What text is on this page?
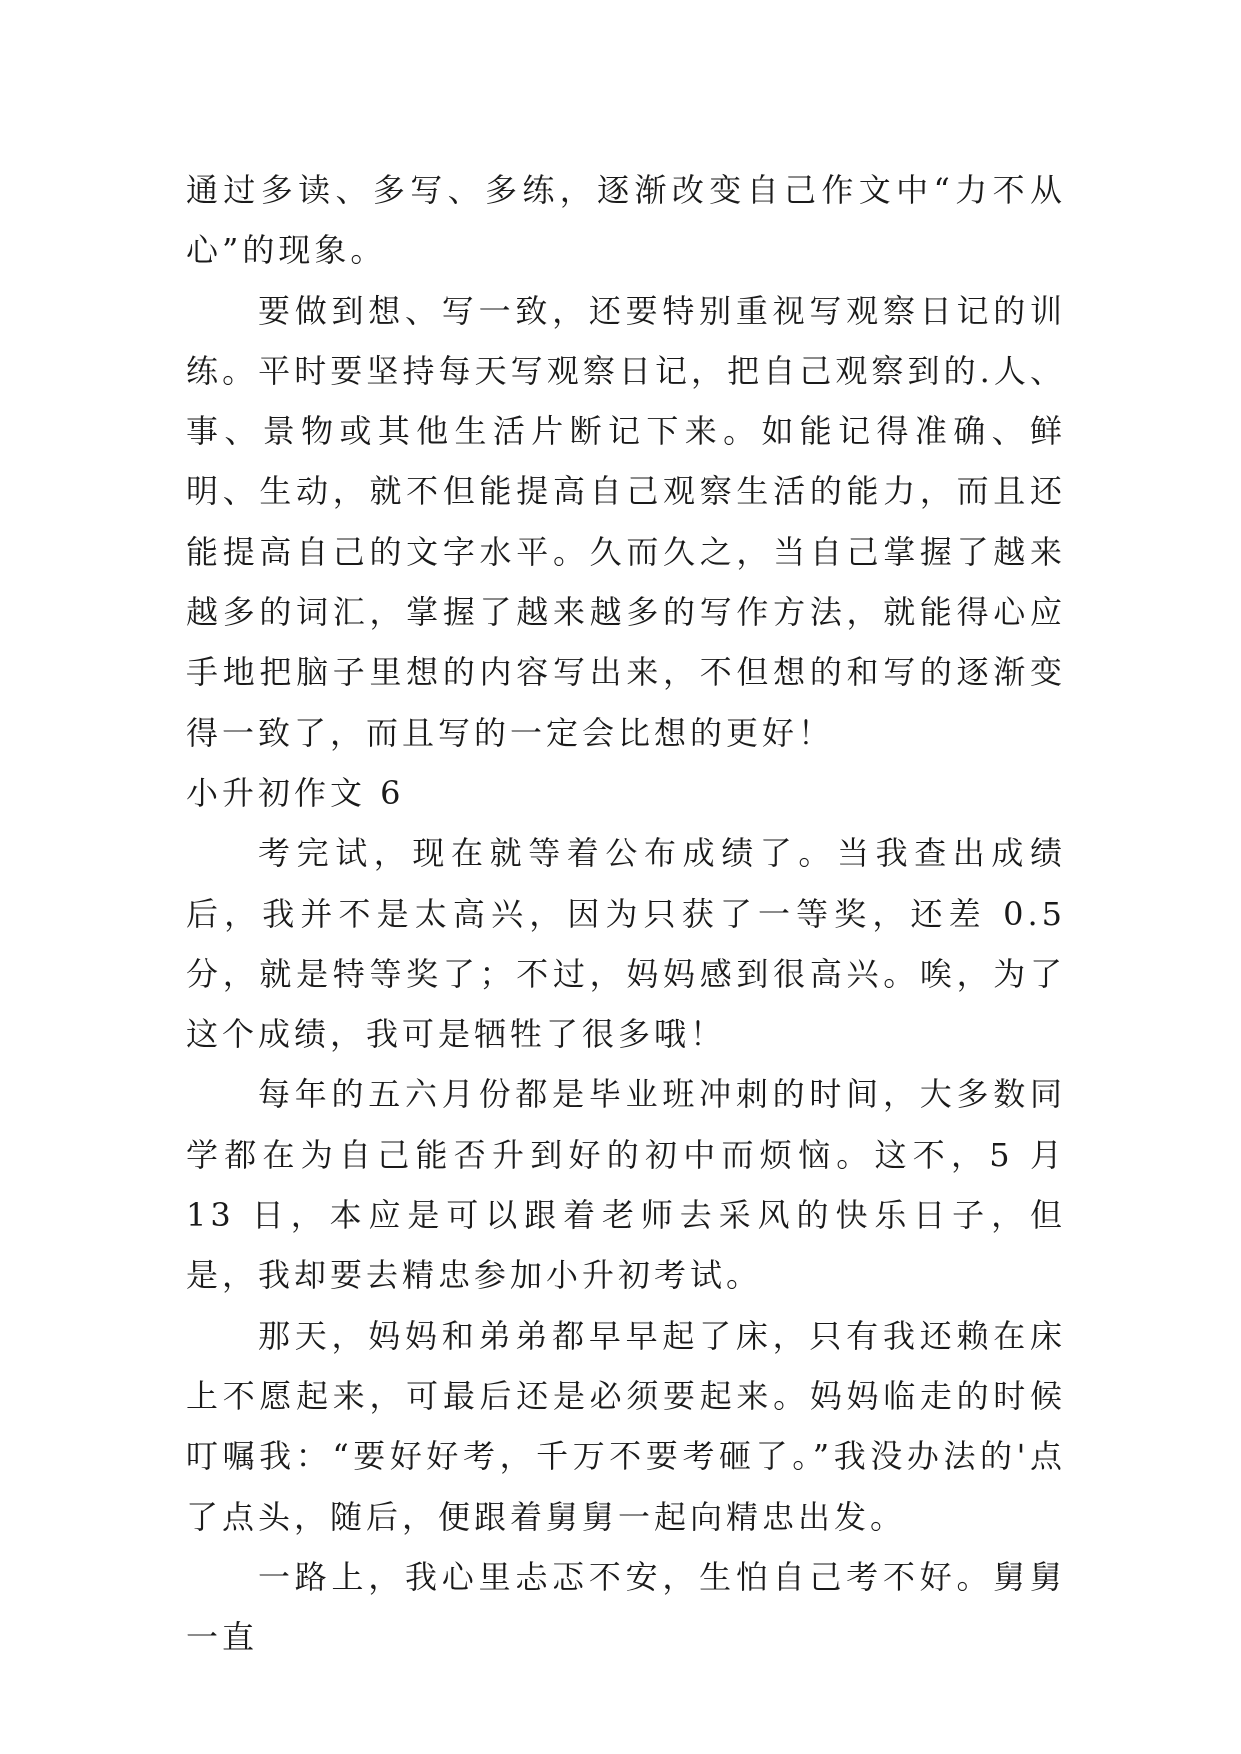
通过多读、多写、多练，逐渐改变自己作文中“力不从心”的现象。

要做到想、写一致，还要特别重视写观察日记的训练。平时要坚持每天写观察日记，把自己观察到的.人、事、景物或其他生活片断记下来。如能记得准确、鲜明、生动，就不但能提高自己观察生活的能力，而且还能提高自己的文字水平。久而久之，当自己掌握了越来越多的词汇，掌握了越来越多的写作方法，就能得心应手地把脑子里想的内容写出来，不但想的和写的逐渐变得一致了，而且写的一定会比想的更好！

小升初作文 6

考完试，现在就等着公布成绩了。当我查出成绩后，我并不是太高兴，因为只获了一等奖，还差 0.5 分，就是特等奖了；不过，妈妈感到很高兴。唉，为了这个成绩，我可是牺牲了很多哦！

每年的五六月份都是毕业班冲刺的时间，大多数同学都在为自己能否升到好的初中而烦恼。这不，5 月 13 日，本应是可以跟着老师去采风的快乐日子，但是，我却要去精忠参加小升初考试。

那天，妈妈和弟弟都早早起了床，只有我还赖在床上不愿起来，可最后还是必须要起来。妈妈临走的时候叮嘱我：“要好好考，千万不要考砸了。”我没办法的'点了点头，随后，便跟着舅舅一起向精忠出发。

一路上，我心里忐忑不安，生怕自己考不好。舅舅一直
